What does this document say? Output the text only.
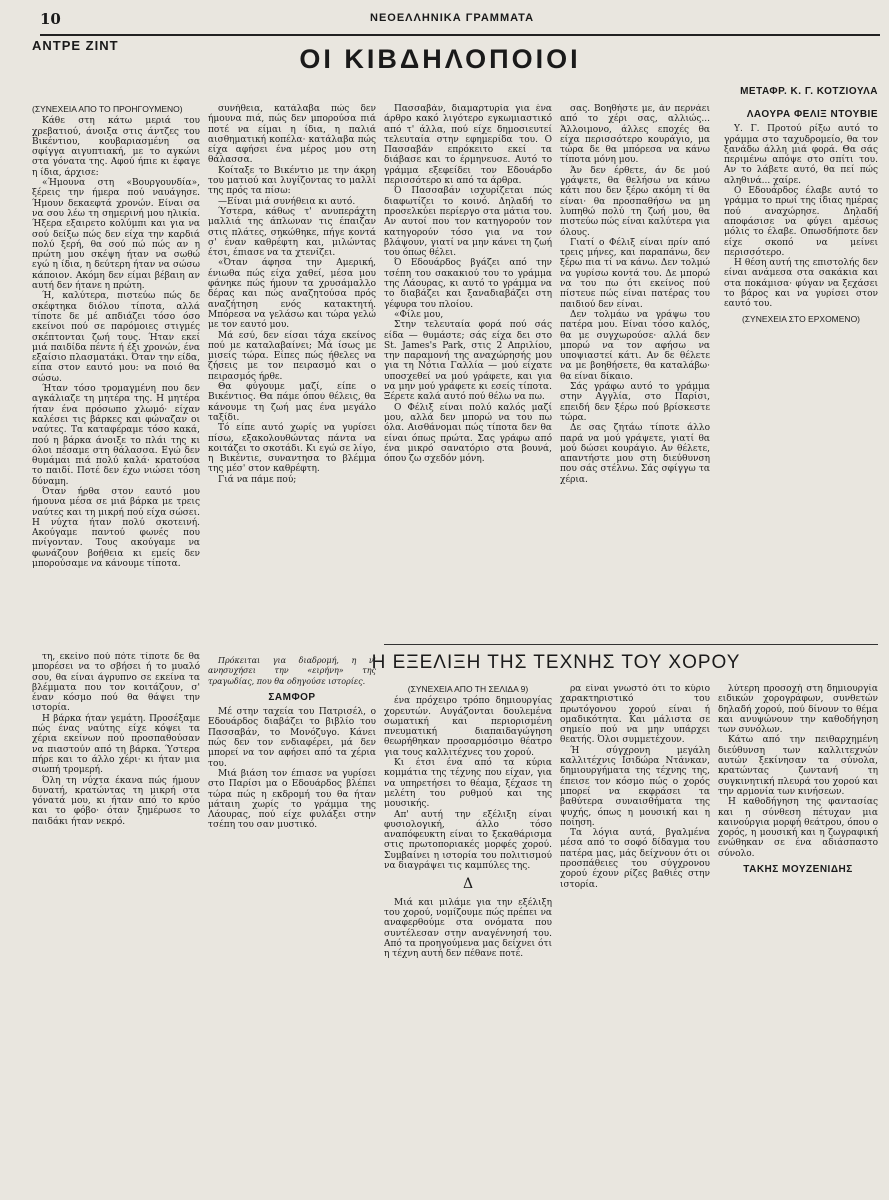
10	ΝΕΟΕΛΛΗΝΙΚΑ ΓΡΑΜΜΑΤΑ
ΑΝΤΡΕ ΖΙΝΤ	ΟΙ ΚΙΒΔΗΛΟΠΟΙΟΙ
ΜΕΤΑΦΡ. Κ. Γ. ΚΟΤΖΙΟΥΛΑ

(ΣΥΝΕΧΕΙΑ ΑΠΟ ΤΟ ΠΡΟΗΓΟΥΜΕΝΟ)

Κάθε στη κάτω μεριά του χρεβατιού, άνοιξα στις άντζες του Βικέντιου, κουβαριασμένη σα σφίγγα αιγυπτιακή, με το αγκώνι στα γόνατα της. Αφού ήπιε κι έφαγε η ίδια, άρχισε:

«Ήμουνα στη «Βουργουνδία», ξέρεις την ήμερα πού ναυάγησε. Ήμουν δεκαεφτά χρονών. Είναι σα να σου λέω τη σημερινή μου ηλικία. Ήξερα εξαιρετο κολύμπι και για να σού δείξω πώς δεν είχα την καρδιά πολύ ξερή, θα σού πώ πώς αν η πρώτη μου σκέψη ήταν να σωθώ εγώ η ίδια, η δεύτερη ήταν να σώσω κάποιον. Ακόμη δεν είμαι βέβαιη αν αυτή δεν ήτανε η πρώτη.

Ή, καλύτερα, πιστεύω πώς δε σκέφτηκα διόλου τίποτα, αλλά τίποτε δε μέ απδιάζει τόσο όσο εκείνοι πού σε παρόμοιες στιγμές σκέπτονται ζωή τους. Ήταν εκεί μιά παιδίδα πέντε ή έξι χρονών, ένα εξαίσιο πλασματάκι. Όταν την είδα, είπα στον εαυτό μου: να ποιό θα σώσω.

Ήταν τόσο τρομαγμένη που δεν αγκάλιαζε τη μητέρα της. Η μητέρα ήταν ένα πρόσωπο χλωμό· είχαν καλέσει τις βάρκες και φώναζαν οι ναύτες. Τα καταφέραμε τόσο κακά, πού η βάρκα άνοιξε το πλάι της κι όλοι πέσαμε στη θάλασσα. Εγώ δεν θυμάμαι πιά πολύ καλά· κρατούσα το παιδί. Ποτέ δεν έχω νιώσει τόση δύναμη.

Όταν ήρθα στον εαυτό μου ήμουνα μέσα σε μιά βάρκα με τρεις ναύτες και τη μικρή πού είχα σώσει. Η νύχτα ήταν πολύ σκοτεινή. Ακούγαμε παντού φωνές που πνίγονταν. Τους ακούγαμε να φωνάζουν βοήθεια κι εμείς δεν μπορούσαμε να κάνουμε τίποτα.

συνήθεια, κατάλαβα πώς δεν ήμουνα πιά, πώς δεν μπορούσα πιά ποτέ να είμαι η ίδια, η παλιά αισθηματική κοπέλα· κατάλαβα πώς είχα αφήσει ένα μέρος μου στη θάλασσα.

Κοίταξε το Βικέντιο με την άκρη του ματιού και λυγίζοντας το μαλλί της πρός τα πίσω:

—Είναι μιά συνήθεια κι αυτό.

Ύστερα, κάθως τ' ανυπεράχτη μαλλιά της άπλωναν τις έπαιζαν στις πλάτες, σηκώθηκε, πήγε κοντά σ' έναν καθρέφτη και, μιλώντας έτσι, έπιασε να τα χτενίζει.

«Όταν άφησα την Αμερική, ένιωθα πώς είχα χαθεί, μέσα μου φάνηκε πώς ήμουν τα χρυσάμαλλο δέρας και πώς αναζητούσα πρός αναζήτηση ενός κατακτητή. Μπόρεσα να γελάσω και τώρα γελώ με τον εαυτό μου.

Μά εσύ, δεν είσαι τάχα εκείνος πού με καταλαβαίνει; Μά ίσως με μισείς τώρα. Είπες πώς ήθελες να ζήσεις με τον πειρασμό και ο πειρασμός ήρθε.

Θα φύγουμε μαζί, είπε ο Βικέντιος. Θα πάμε όπου θέλεις, θα κάνουμε τη ζωή μας ένα μεγάλο ταξίδι.

Τό είπε αυτό χωρίς να γυρίσει πίσω, εξακολουθώντας πάντα να κοιτάζει το σκοτάδι. Κι εγώ σε λίγο, η Βικέντιε, συναντησα το βλέμμα της μέσ' στον καθρέφτη.

Γιά να πάμε πού;

Πασσαβάν, διαμαρτυρία για ένα άρθρο κακό λιγότερο εγκωμιαστικό από τ' άλλα, πού είχε δημοσιευτεί τελευταία στην εφημερίδα του. Ο Πασσαβάν επρόκειτο εκεί τα διάβασε και το έρμηνευσε. Αυτό το γράμμα εξεφείδει τον Εδουάρδο περισσότερο κι από τα άρθρα.

Ό Πασσαβάν ισχυρίζεται πώς διαφωτίζει το κοινό. Δηλαδή το προσελκύει περίεργο στα μάτια του. Αν αυτοί που τον κατηγορούν τον κατηγορούν τόσο για να τον βλάψουν, γιατί να μην κάνει τη ζωή του όπως θέλει.

Ό Εδουάρδος βγάζει από την τσέπη του σακακιού του το γράμμα της Λάουρας, κι αυτό το γράμμα να το διαβάζει και ξαναδιαβάζει στη γέφυρα του πλοίου.

«Φίλε μου,

Στην τελευταία φορά πού σάς είδα — θυμάστε; σάς είχα δει στο St. James's Park, στις 2 Απριλίου, την παραμονή της αναχώρησής μου για τη Νότια Γαλλία — μού είχατε υποσχεθεί να μού γράφετε, και για να μην μού γράφετε κι εσείς τίποτα. Ξέρετε καλά αυτό πού θέλω να πω.

Ο Φέλιξ είναι πολύ καλός μαζί μου, αλλά δεν μπορώ να του πω όλα. Αισθάνομαι πώς τίποτα δεν θα είναι όπως πρώτα. Σας γράφω από ένα μικρό σανατόριο στα βουνά, όπου ζω σχεδόν μόνη.

σας. Βοηθήστε με, άν περνάει από το χέρι σας, αλλιώς... Άλλοιμονο, άλλες εποχές θα είχα περισσότερο κουράγιο, μα τώρα δε θα μπόρεσα να κάνω τίποτα μόνη μου.

Άν δεν έρθετε, άν δε μού γράψετε, θα θελήσω να κάνω κάτι που δεν ξέρω ακόμη τί θα είναι· θα προσπαθήσω να μη λυπηθώ πολύ τη ζωή μου, θα πιστεύω πώς είναι καλύτερα για όλους.

Γιατί ο Φέλιξ είναι πρίν από τρεις μήνες, και παραπάνω, δεν ξέρω πια τί να κάνω. Δεν τολμώ να γυρίσω κοντά του. Δε μπορώ να του πω ότι εκείνος πού πίστευε πώς είναι πατέρας του παιδιού δεν είναι.

Δεν τολμάω να γράψω του πατέρα μου. Είναι τόσο καλός, θα με συγχωρούσε· αλλά δεν μπορώ να τον αφήσω να υποψιαστεί κάτι. Αν δε θέλετε να με βοηθήσετε, θα καταλάβω· θα είναι δίκαιο.

Σάς γράφω αυτό το γράμμα στην Αγγλία, στο Παρίσι, επειδή δεν ξέρω πού βρίσκεστε τώρα.

Δε σας ζητάω τίποτε άλλο παρά να μού γράψετε, γιατί θα μού δώσει κουράγιο. Αν θέλετε, απαντήστε μου στη διεύθυνση που σάς στέλνω. Σάς σφίγγω τα χέρια.

ΛΑΟΥΡΑ ΦΕΛΙΞ ΝΤΟΥΒΙΕ

Υ. Γ. Προτού ρίξω αυτό το γράμμα στο ταχυδρομείο, θα τον ξανάδω άλλη μιά φορά. Θα σάς περιμένω απόψε στο σπίτι του. Αν το λάβετε αυτό, θα πεί πώς αληθινά... χαίρε.

Ο Εδουάρδος έλαβε αυτό το γράμμα το πρωί της ίδιας ημέρας πού αναχώρησε. Δηλαδή αποφάσισε να φύγει αμέσως μόλις το έλαβε. Οπωσδήποτε δεν είχε σκοπό να μείνει περισσότερο.

Η θέση αυτή της επιστολής δεν είναι ανάμεσα στα σακάκια και στα ποκάμισα· φύγαν να ξεχάσει το βάρος και να γυρίσει στον εαυτό του.

(ΣΥΝΕΧΕΙΑ ΣΤΟ ΕΡΧΟΜΕΝΟ)

τη, εκείνο πού πότε τίποτε δε θα μπορέσει να το σβήσει ή το μυαλό σου, θα είναι άγρυπνο σε εκείνα τα βλέμματα που τον κοιτάζουν, σ' έναν κόσμο πού θα θάψει την ιστορία.

Η βάρκα ήταν γεμάτη. Προσέξαμε πώς ένας ναύτης είχε κόψει τα χέρια εκείνων πού προσπαθούσαν να πιαστούν από τη βάρκα. Ύστερα πήρε και το άλλο χέρι· κι ήταν μια σιωπή τρομερή.

Όλη τη νύχτα έκανα πώς ήμουν δυνατή, κρατώντας τη μικρή στα γόνατά μου, κι ήταν από το κρύο και το φόβο· όταν ξημέρωσε το παιδάκι ήταν νεκρό.

Πρόκειται για διαδρομή, η ν' ανησυχήσει την «ειρήνη» της τραγωδίας, που θα οδηγούσε ιστορίες.

ΣΑΜΦΟΡ

Μέ στην ταχεία του Πατρισέλ, ο Εδουάρδος διαβάζει το βιβλίο του Πασσαβάν, το Μονόζυγο. Κάνει πώς δεν τον ενδιαφέρει, μά δεν μπορεί να τον αφήσει από τα χέρια του.

Μιά βιάση τον έπιασε να γυρίσει στο Παρίσι μα ο Εδουάρδος βλέπει τώρα πώς η εκδρομή του θα ήταν μάταιη χωρίς το γράμμα της Λάουρας, πού είχε φυλάξει στην τσέπη του σαν μυστικό.

Η ΕΞΕΛΙΞΗ ΤΗΣ ΤΕΧΝΗΣ ΤΟΥ ΧΟΡΟΥ

(ΣΥΝΕΧΕΙΑ ΑΠΟ ΤΗ ΣΕΛΙΔΑ 9)

ένα πρόχειρο τρόπο δημιουργίας χορευτών. Αυγάζονται δουλεμένα σωματική και περιορισμένη πνευματική διαπαιδαγώγηση θεωρήθηκαν προσαρμόσιμο θέατρο για τους καλλιτέχνες του χορού.

Κι έτσι ένα από τα κύρια κομμάτια της τέχνης που είχαν, για να υπηρετήσει το θέαμα, ξέχασε τη μελέτη του ρυθμού και της μουσικής.

Απ' αυτή την εξέλιξη είναι φυσιολογική, άλλο τόσο αναπόφευκτη είναι το ξεκαθάρισμα στις πρωτοποριακές μορφές χορού. Συμβαίνει η ιστορία του πολιτισμού να διαγράψει τις καμπύλες της.

Δ

Μιά και μιλάμε για την εξέλιξη του χορού, νομίζουμε πώς πρέπει να αναφερθούμε στα ονόματα που συντέλεσαν στην αναγέννησή του. Από τα προηγούμενα μας δείχνει ότι η τέχνη αυτή δεν πέθανε ποτέ.

ρα είναι γνωστό ότι το κύριο χαρακτηριστικό του πρωτόγονου χορού είναι ή ομαδικότητα. Και μάλιστα σε σημείο πού να μην υπάρχει θεατής. Όλοι συμμετέχουν.

Ή σύγχρονη μεγάλη καλλιτέχνις Ισιδώρα Ντάνκαν, δημιουργήματα της τέχνης της, έπεισε τον κόσμο πώς ο χορός μπορεί να εκφράσει τα βαθύτερα συναισθήματα της ψυχής, όπως η μουσική και η ποίηση.

Τα λόγια αυτά, βγαλμένα μέσα από το σοφό δίδαγμα του πατέρα μας, μάς δείχνουν ότι οι προσπάθειες του σύγχρονου χορού έχουν ρίζες βαθιές στην ιστορία.

λύτερη προσοχή στη δημιουργία ειδικών χορογράφων, συνθετών δηλαδή χορού, πού δίνουν το θέμα και ανυψώνουν την καθοδήγηση των συνόλων.

Κάτω από την πειθαρχημένη διεύθυνση των καλλιτεχνών αυτών ξεκίνησαν τα σύνολα, κρατώντας ζωντανή τη συγκινητική πλευρά του χορού και την αρμονία των κινήσεων.

Η καθοδήγηση της φαντασίας και η σύνθεση πέτυχαν μια καινούργια μορφή θεάτρου, όπου ο χορός, η μουσική και η ζωγραφική ενώθηκαν σε ένα αδιάσπαστο σύνολο.

ΤΑΚΗΣ ΜΟΥΖΕΝΙΔΗΣ
